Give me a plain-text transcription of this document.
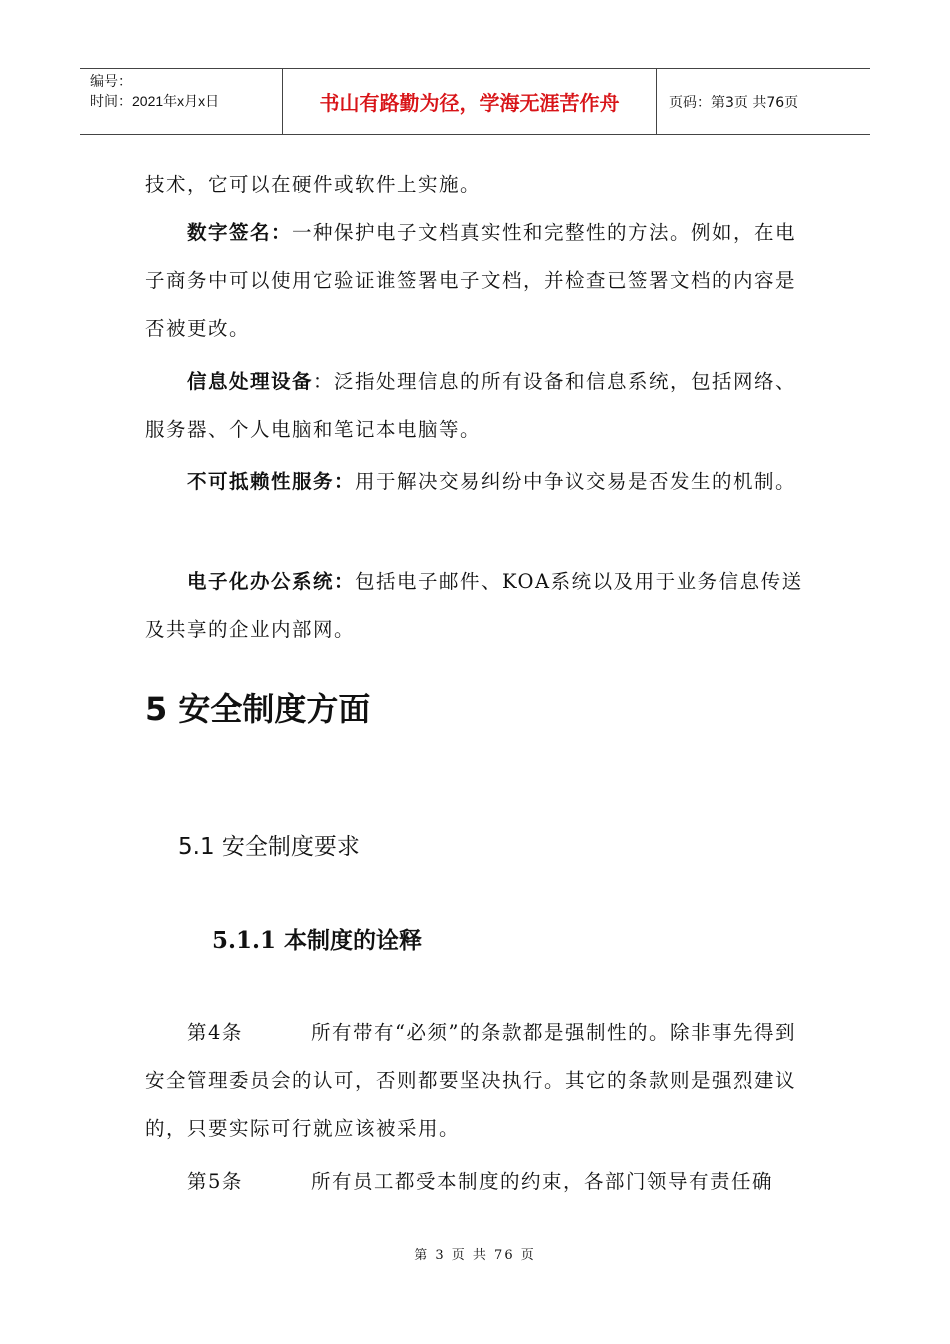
编号：
时间：2021年x月x日	书山有路勤为径，学海无涯苦作舟	页码：第3页 共76页
技术，它可以在硬件或软件上实施。
数字签名：一种保护电子文档真实性和完整性的方法。例如，在电子商务中可以使用它验证谁签署电子文档，并检查已签署文档的内容是否被更改。
信息处理设备：泛指处理信息的所有设备和信息系统，包括网络、服务器、个人电脑和笔记本电脑等。
不可抵赖性服务：用于解决交易纠纷中争议交易是否发生的机制。
电子化办公系统：包括电子邮件、KOA系统以及用于业务信息传送及共享的企业内部网。
5 安全制度方面
5.1 安全制度要求
5.1.1 本制度的诠释
第4条	所有带有“必须”的条款都是强制性的。除非事先得到安全管理委员会的认可，否则都要坚决执行。其它的条款则是强烈建议的，只要实际可行就应该被采用。
第5条	所有员工都受本制度的约束，各部门领导有责任确
第 3 页 共 76 页
